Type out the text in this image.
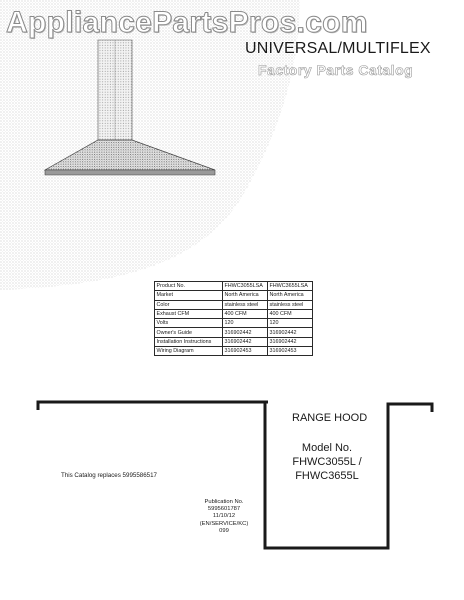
AppliancePartsPros.com
UNIVERSAL/MULTIFLEX
Factory Parts Catalog
Product No.	FHWC3055LSA	FHWC3655LSA
Market	North America	North America
Color	stainless steel	stainless steel
Exhaust CFM	400 CFM	400 CFM
Volts	120	120
Owner's Guide	316902442	316902442
Installation Instructions	316902442	316902442
Wiring Diagram	316902453	316902453
RANGE HOOD
Model No.
FHWC3055L /
FHWC3655L
This Catalog replaces 5995586517
Publication No.
5995601787
11/10/12
(EN/SERVICE/KC)
099
